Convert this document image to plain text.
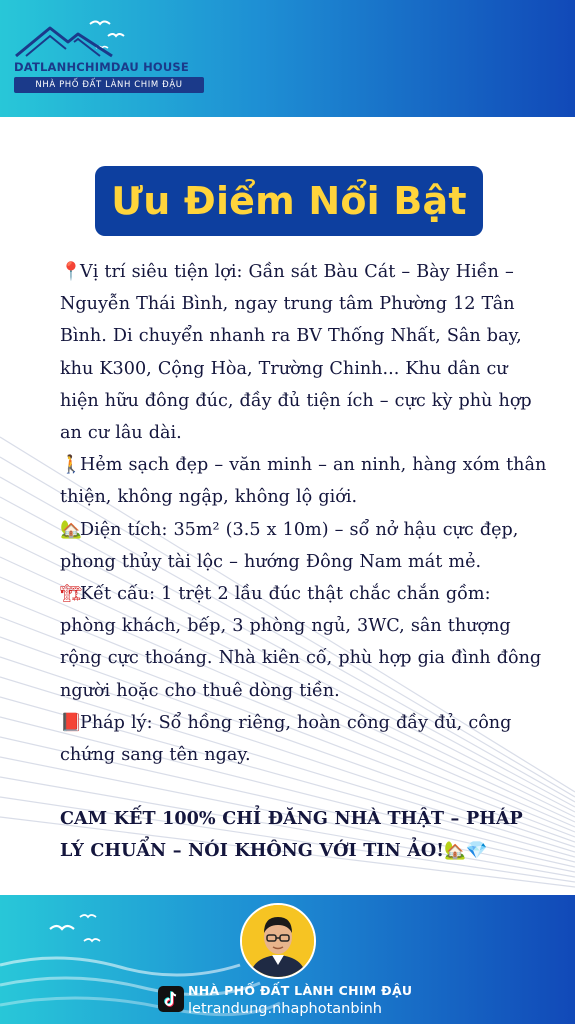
DATLANHCHIMDAU HOUSE
NHÀ PHỐ ĐẤT LÀNH CHIM ĐẬU
Ưu Điểm Nổi Bật

📍Vị trí siêu tiện lợi: Gần sát Bàu Cát – Bày Hiền – Nguyễn Thái Bình, ngay trung tâm Phường 12 Tân Bình. Di chuyển nhanh ra BV Thống Nhất, Sân bay, khu K300, Cộng Hòa, Trường Chinh... Khu dân cư hiện hữu đông đúc, đầy đủ tiện ích – cực kỳ phù hợp an cư lâu dài.

🚶Hẻm sạch đẹp – văn minh – an ninh, hàng xóm thân thiện, không ngập, không lộ giới.

🏡Diện tích: 35m² (3.5 x 10m) – sổ nở hậu cực đẹp, phong thủy tài lộc – hướng Đông Nam mát mẻ.

🏗Kết cấu: 1 trệt 2 lầu đúc thật chắc chắn gồm: phòng khách, bếp, 3 phòng ngủ, 3WC, sân thượng rộng cực thoáng. Nhà kiên cố, phù hợp gia đình đông người hoặc cho thuê dòng tiền.

📕Pháp lý: Sổ hồng riêng, hoàn công đầy đủ, công chứng sang tên ngay.

CAM KẾT 100% CHỈ ĐĂNG NHÀ THẬT – PHÁP LÝ CHUẨN – NÓI KHÔNG VỚI TIN ẢO!🏡💎

NHÀ PHỐ ĐẤT LÀNH CHIM ĐẬU
letrandung.nhaphotanbinh
